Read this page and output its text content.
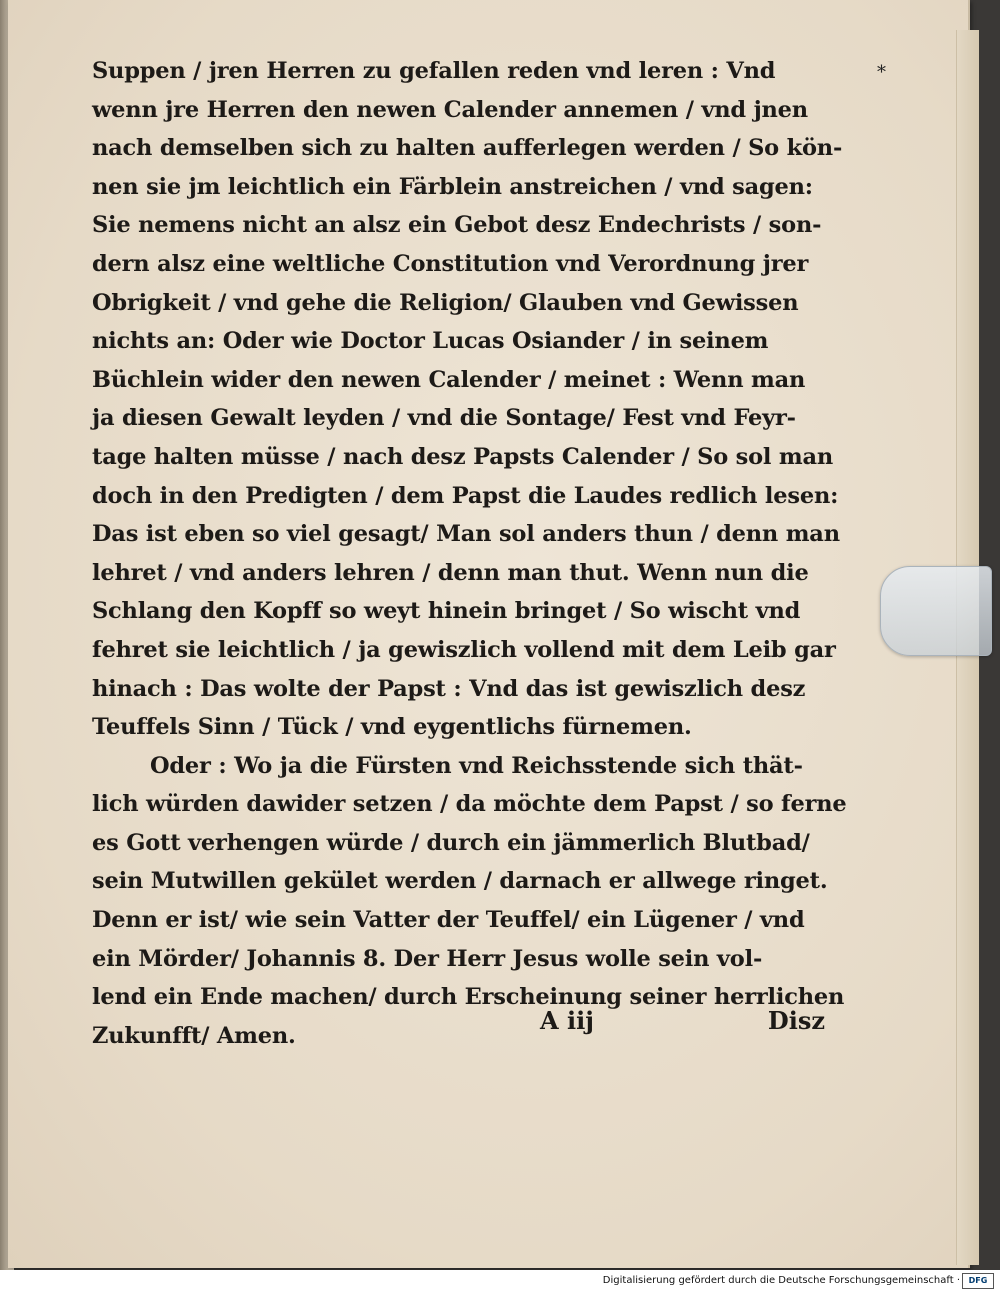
*
Suppen / jren Herren zu gefallen reden vnd leren : Vnd
wenn jre Herren den newen Calender annemen / vnd jnen
nach demselben sich zu halten aufferlegen werden / So kön-
nen sie jm leichtlich ein Färblein anstreichen / vnd sagen:
Sie nemens nicht an alsz ein Gebot desz Endechrists / son-
dern alsz eine weltliche Constitution vnd Verordnung jrer
Obrigkeit / vnd gehe die Religion/ Glauben vnd Gewissen
nichts an: Oder wie Doctor Lucas Osiander / in seinem
Büchlein wider den newen Calender / meinet : Wenn man
ja diesen Gewalt leyden / vnd die Sontage/ Fest vnd Feyr-
tage halten müsse / nach desz Papsts Calender / So sol man
doch in den Predigten / dem Papst die Laudes redlich lesen:
Das ist eben so viel gesagt/ Man sol anders thun / denn man
lehret / vnd anders lehren / denn man thut. Wenn nun die
Schlang den Kopff so weyt hinein bringet / So wischt vnd
fehret sie leichtlich / ja gewiszlich vollend mit dem Leib gar
hinach : Das wolte der Papst : Vnd das ist gewiszlich desz
Teuffels Sinn / Tück / vnd eygentlichs fürnemen.
Oder : Wo ja die Fürsten vnd Reichsstende sich thät-
lich würden dawider setzen / da möchte dem Papst / so ferne
es Gott verhengen würde / durch ein jämmerlich Blutbad/
sein Mutwillen gekület werden / darnach er allwege ringet.
Denn er ist/ wie sein Vatter der Teuffel/ ein Lügener / vnd
ein Mörder/ Johannis 8. Der Herr Jesus wolle sein vol-
lend ein Ende machen/ durch Erscheinung seiner herrlichen
Zukunfft/ Amen.
A iij	Disz
Digitalisierung gefördert durch die Deutsche Forschungsgemeinschaft ·	DFG
